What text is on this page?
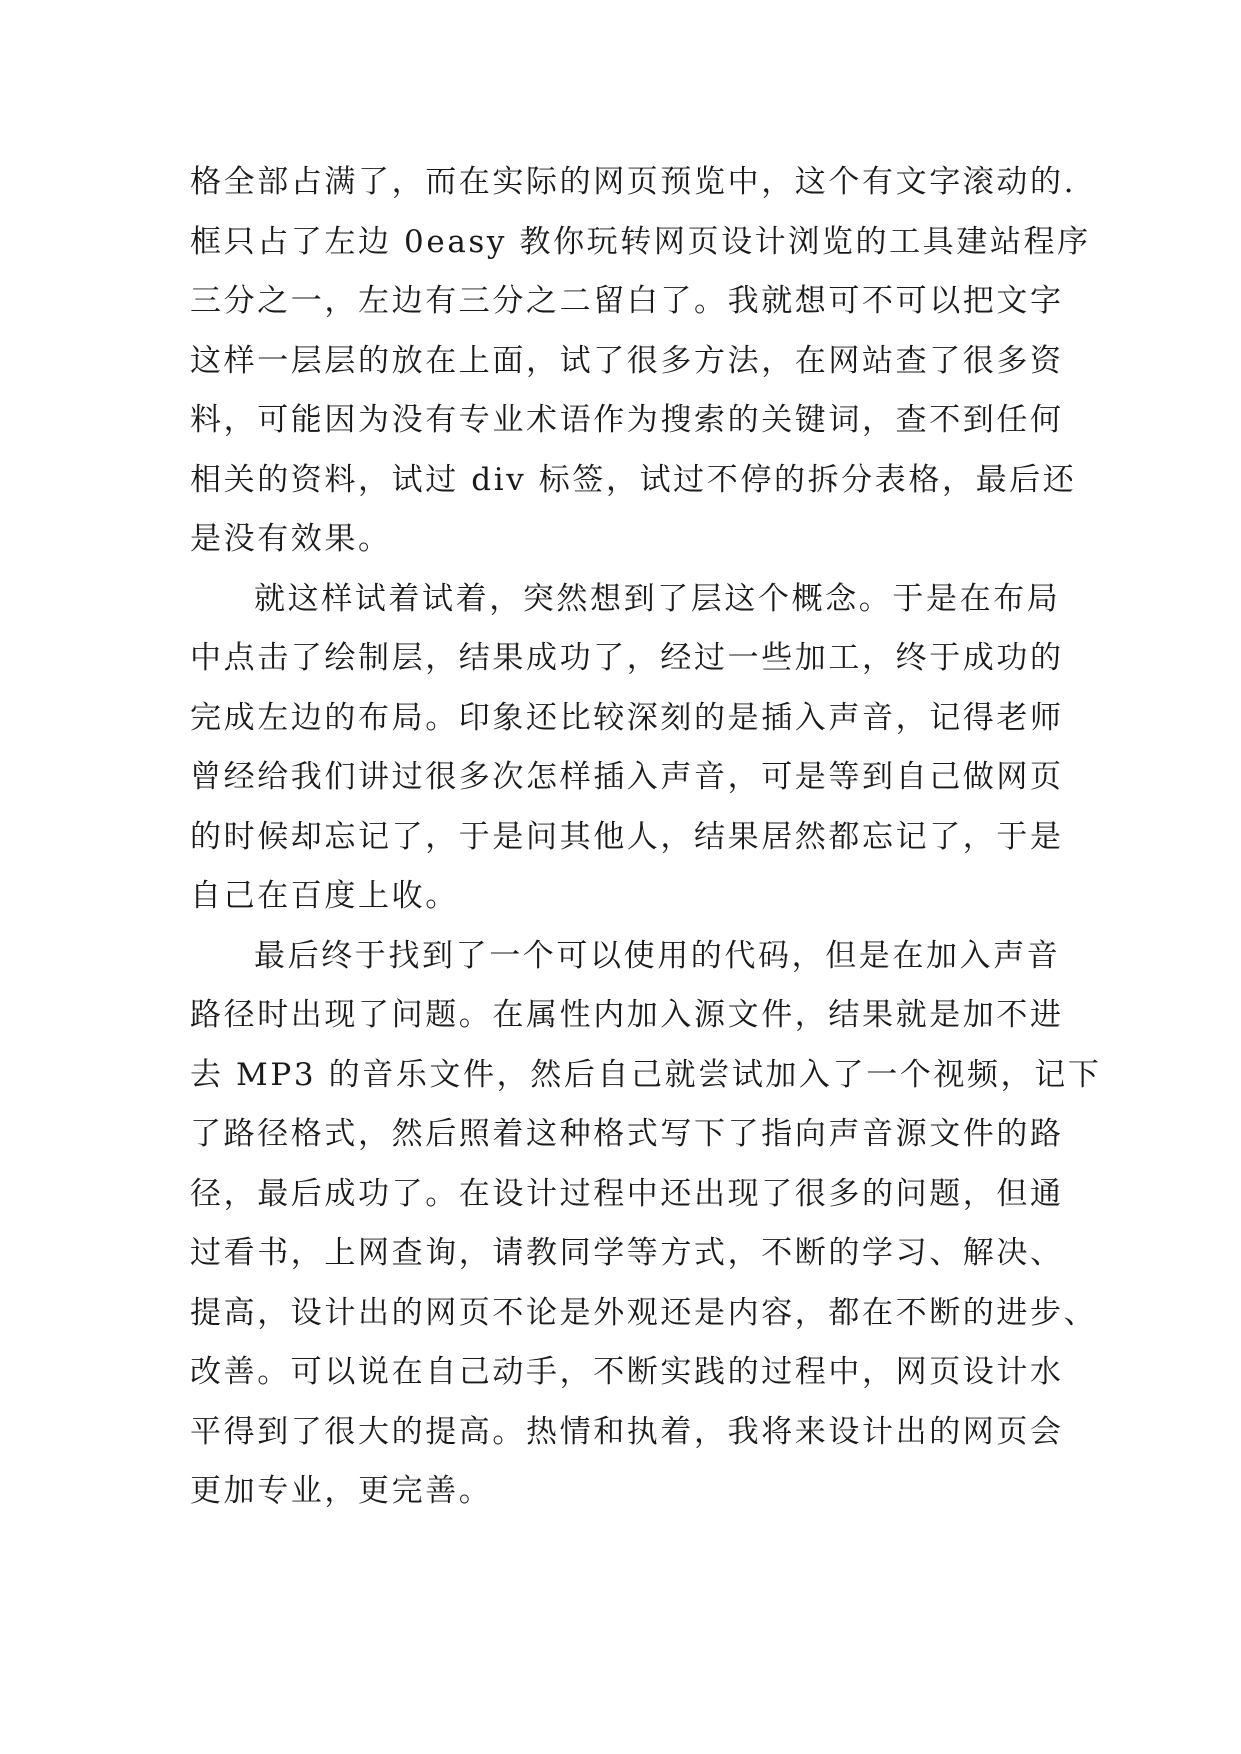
格全部占满了，而在实际的网页预览中，这个有文字滚动的.
框只占了左边 0easy 教你玩转网页设计浏览的工具建站程序
三分之一，左边有三分之二留白了。我就想可不可以把文字
这样一层层的放在上面，试了很多方法，在网站查了很多资
料，可能因为没有专业术语作为搜索的关键词，查不到任何
相关的资料，试过 div 标签，试过不停的拆分表格，最后还
是没有效果。
就这样试着试着，突然想到了层这个概念。于是在布局
中点击了绘制层，结果成功了，经过一些加工，终于成功的
完成左边的布局。印象还比较深刻的是插入声音，记得老师
曾经给我们讲过很多次怎样插入声音，可是等到自己做网页
的时候却忘记了，于是问其他人，结果居然都忘记了，于是
自己在百度上收。
最后终于找到了一个可以使用的代码，但是在加入声音
路径时出现了问题。在属性内加入源文件，结果就是加不进
去 MP3 的音乐文件，然后自己就尝试加入了一个视频，记下
了路径格式，然后照着这种格式写下了指向声音源文件的路
径，最后成功了。在设计过程中还出现了很多的问题，但通
过看书，上网查询，请教同学等方式，不断的学习、解决、
提高，设计出的网页不论是外观还是内容，都在不断的进步、
改善。可以说在自己动手，不断实践的过程中，网页设计水
平得到了很大的提高。热情和执着，我将来设计出的网页会
更加专业，更完善。
